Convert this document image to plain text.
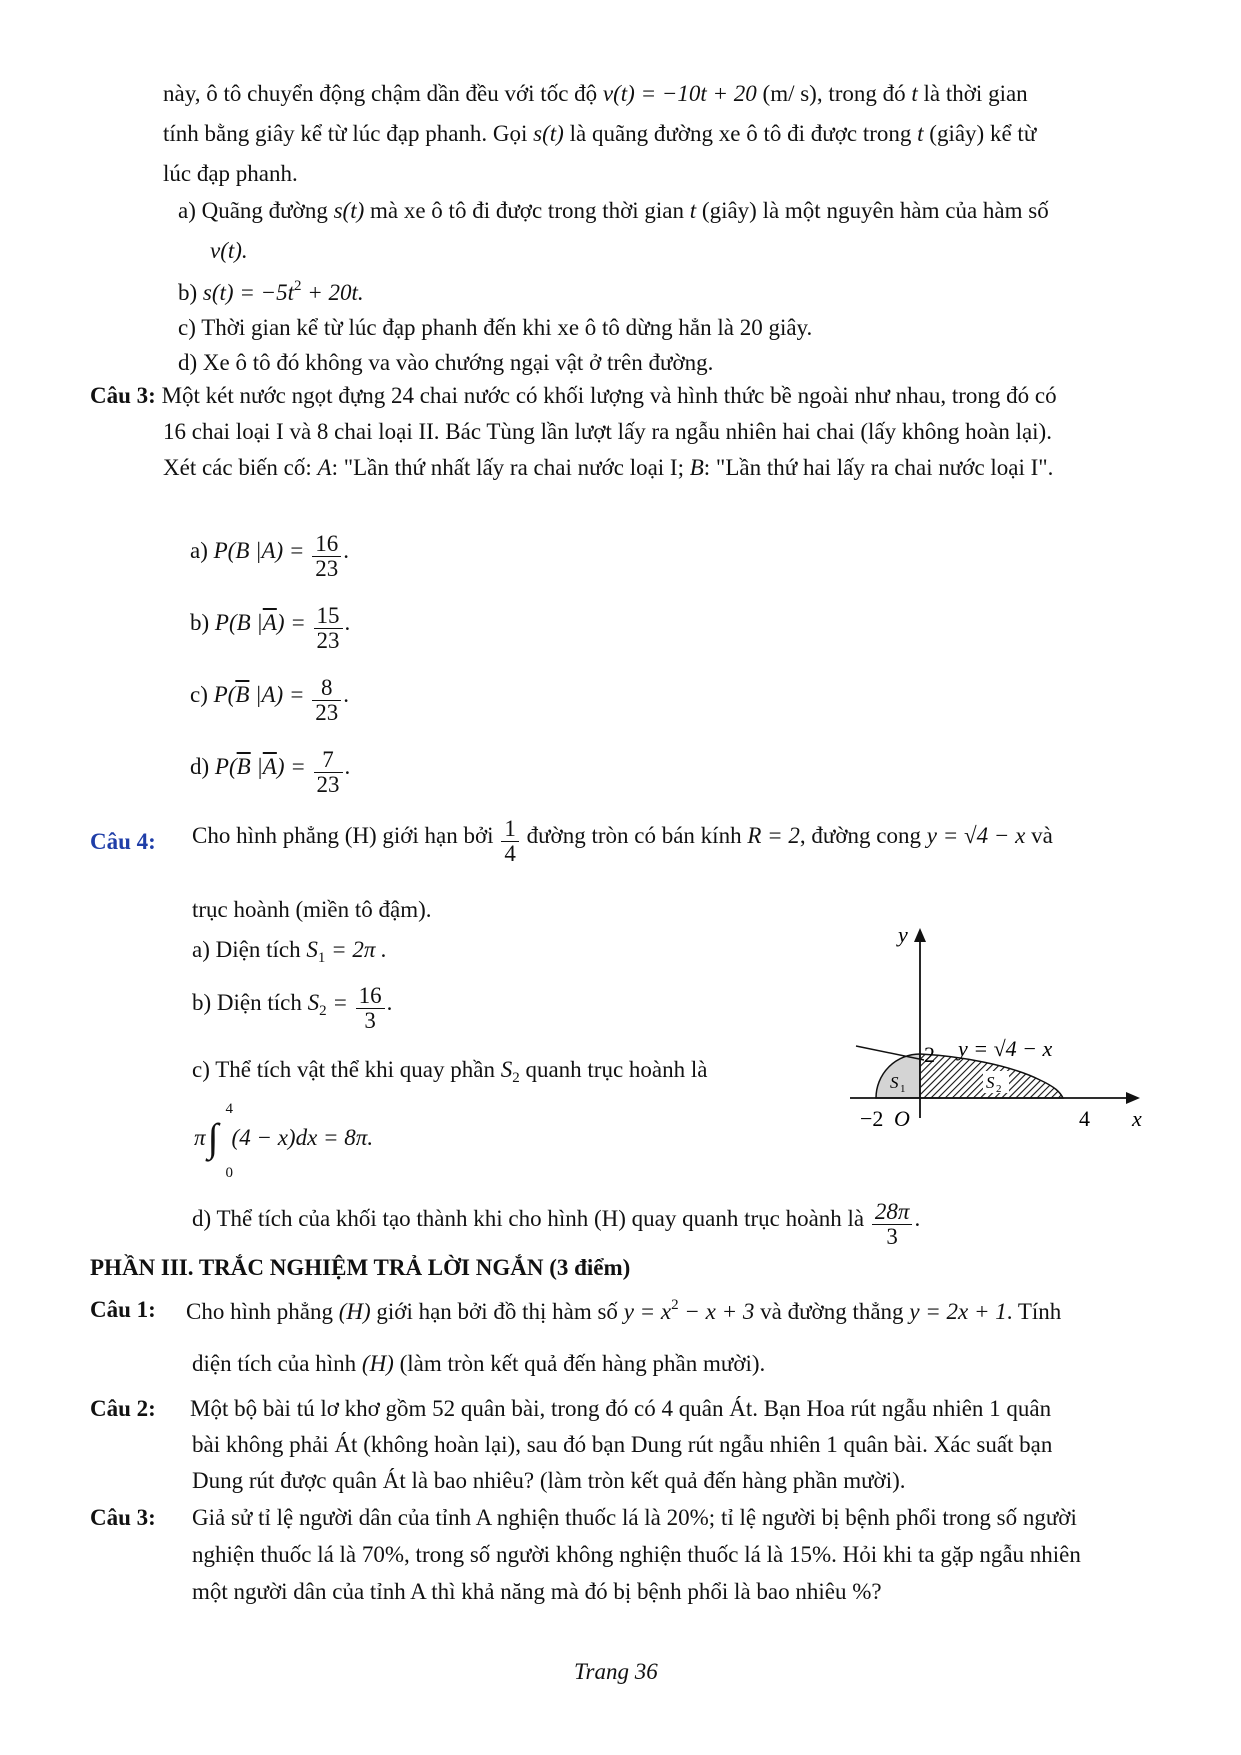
này, ô tô chuyển động chậm dần đều với tốc độ v(t) = −10t + 20 (m/ s), trong đó t là thời gian
tính bằng giây kể từ lúc đạp phanh. Gọi s(t) là quãng đường xe ô tô đi được trong t (giây) kể từ
lúc đạp phanh.
a) Quãng đường s(t) mà xe ô tô đi được trong thời gian t (giây) là một nguyên hàm của hàm số
v(t).
b) $s(t) = -5t^2 + 20t$.
c) Thời gian kể từ lúc đạp phanh đến khi xe ô tô dừng hẳn là 20 giây.
d) Xe ô tô đó không va vào chướng ngại vật ở trên đường.
Câu 3: Một két nước ngọt đựng 24 chai nước có khối lượng và hình thức bề ngoài như nhau, trong đó có
16 chai loại I và 8 chai loại II. Bác Tùng lần lượt lấy ra ngẫu nhiên hai chai (lấy không hoàn lại).
Xét các biến cố: A: "Lần thứ nhất lấy ra chai nước loại I; B: "Lần thứ hai lấy ra chai nước loại I".
a) P(B $|A) = \frac{16}{23}$ .
b) P(B $|\overline{A}) = \frac{15}{23}$ .
c) $P(\overline{B}$ $|A) = \frac{8}{23}$ .
d) $P(\overline{B}$ $|\overline{A}) = \frac{7}{23}$ .
Câu 4: Cho hình phẳng (H) giới hạn bởi $\frac{1}{4}$ đường tròn có bán kính R = 2, đường cong y = √4 − x và
trục hoành (miền tô đậm).
a) Diện tích $S_1 = 2\pi$ .
b) Diện tích $S_2 = \frac{16}{3}$ .
c) Thể tích vật thể khi quay phần $S_2$ quanh trục hoành là
π ∫
4
0
(4 − x)dx = 8π.
d) Thể tích của khối tạo thành khi cho hình (H) quay quanh trục hoành là $\frac{28\pi}{3}$ .
y
2 y = √4 − x
S 1	S 2
−2 O	4 x
PHẦN III. TRẮC NGHIỆM TRẢ LỜI NGẮN (3 điểm)
Câu 1: Cho hình phẳng (H) giới hạn bởi đồ thị hàm số $y = x^2 - x + 3$ và đường thẳng y = 2x + 1. Tính
diện tích của hình (H) (làm tròn kết quả đến hàng phần mười).
Câu 2: Một bộ bài tú lơ khơ gồm 52 quân bài, trong đó có 4 quân Át. Bạn Hoa rút ngẫu nhiên 1 quân
bài không phải Át (không hoàn lại), sau đó bạn Dung rút ngẫu nhiên 1 quân bài. Xác suất bạn
Dung rút được quân Át là bao nhiêu? (làm tròn kết quả đến hàng phần mười).
Câu 3: Giả sử tỉ lệ người dân của tỉnh A nghiện thuốc lá là 20%; tỉ lệ người bị bệnh phổi trong số người
nghiện thuốc lá là 70%, trong số người không nghiện thuốc lá là 15%. Hỏi khi ta gặp ngẫu nhiên
một người dân của tỉnh A thì khả năng mà đó bị bệnh phổi là bao nhiêu %?
Trang 36
